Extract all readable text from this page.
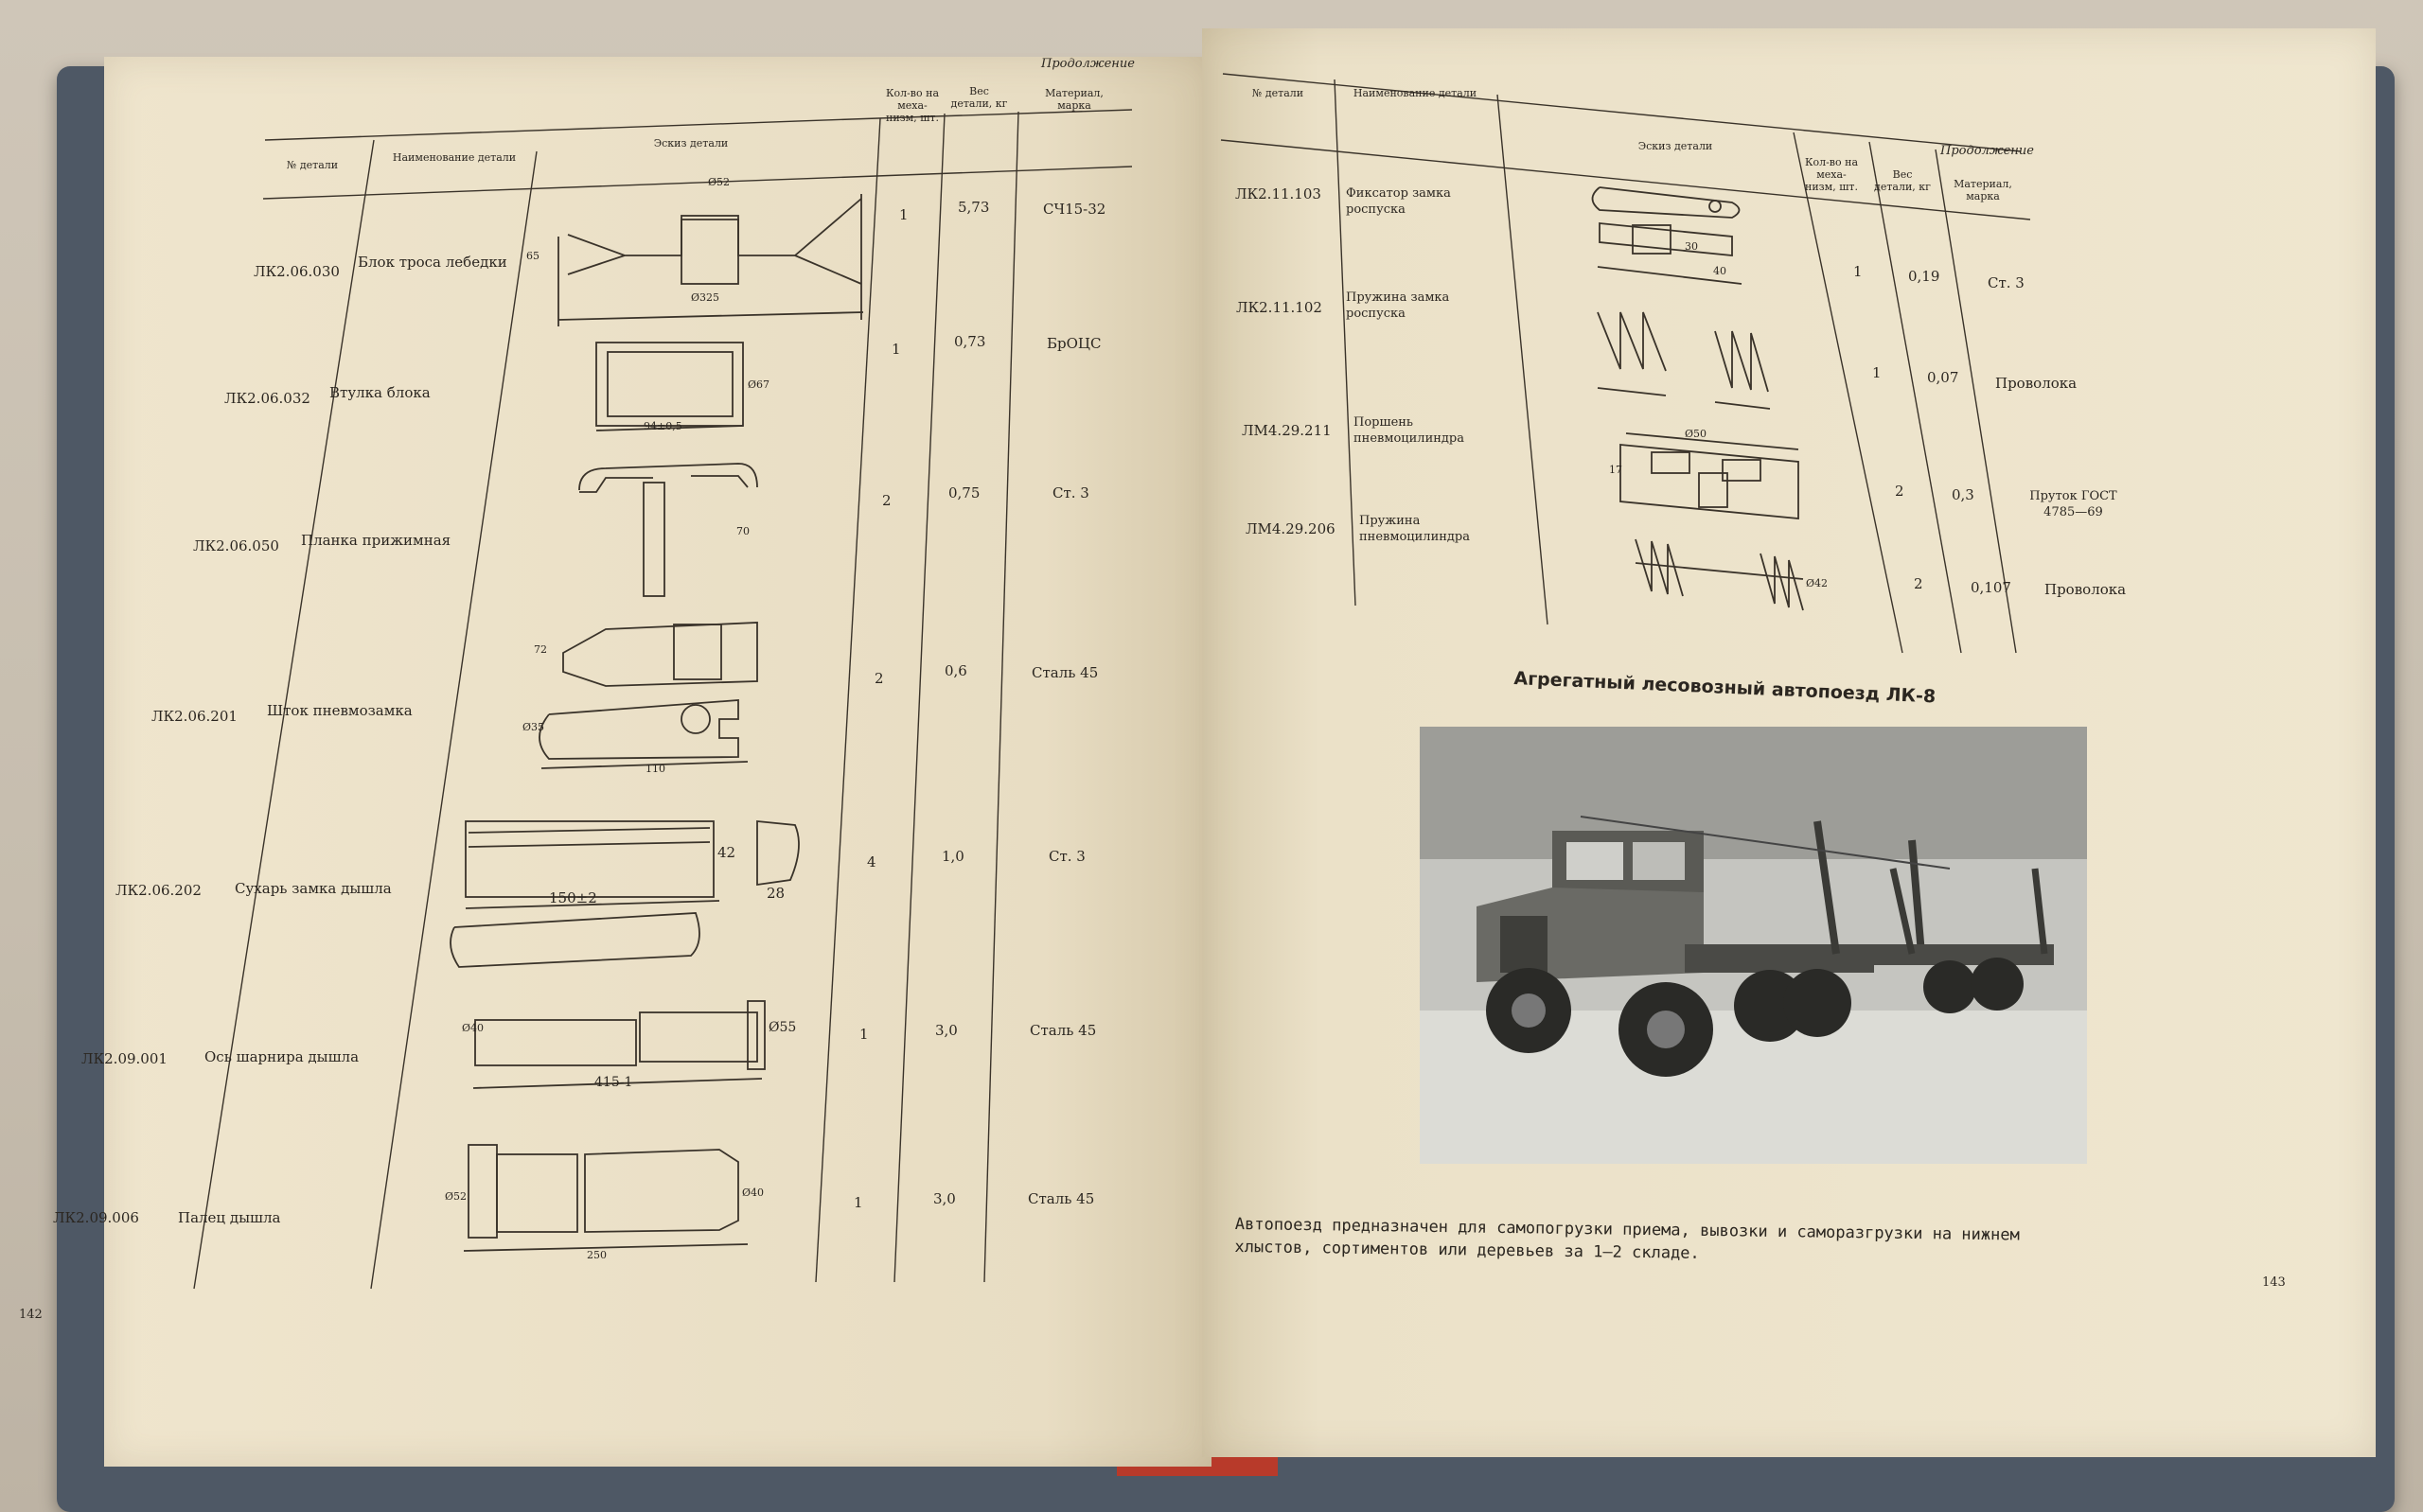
Продолжение
№ детали
Наименование детали
Эскиз детали
Кол-во на меха-низм, шт.
Вес детали, кг
Материал, марка
ЛК2.06.030
Блок троса лебедки
1	5,73	СЧ15-32
ЛК2.06.032 Втулка блока
1	0,73	БрОЦС
ЛК2.06.050 Планка прижимная
2	0,75	Ст. 3
ЛК2.06.201 Шток пневмозамка
2	0,6	Сталь 45
ЛК2.06.202 Сухарь замка дышла
4	1,0	Ст. 3
ЛК2.09.001	Ось шарнира дышла
1	3,0	Сталь 45
ЛК2.09.006	Палец дышла
1	3,0	Сталь 45
Ø52
65
Ø325
94±0,5
Ø67
70
72
Ø35
110
42
150±2	28
Ø40	Ø55
415-1
Ø52	Ø40
250
142
Продолжение
№ детали	Наименование детали
Эскиз детали
Кол-во на меха-низм, шт.
Вес детали, кг	Материал, марка
ЛК2.11.103 Фиксатор замка роспуска
1	0,19	Ст. 3
ЛК2.11.102
Пружина замка роспуска
1	0,07	Проволока
ЛМ4.29.211 Поршень пневмоцилиндра
2	0,3	Пруток ГОСТ 4785—69
ЛМ4.29.206 Пружина пневмоцилиндра
2	0,107 Проволока
30
40
Ø50
17
Ø42
Агрегатный лесовозный автопоезд ЛК-8
Автопоезд предназначен для самопогрузки приема, вывозки и саморазгрузки на нижнем
хлыстов, сортиментов или деревьев за 1—2 складе.
143
